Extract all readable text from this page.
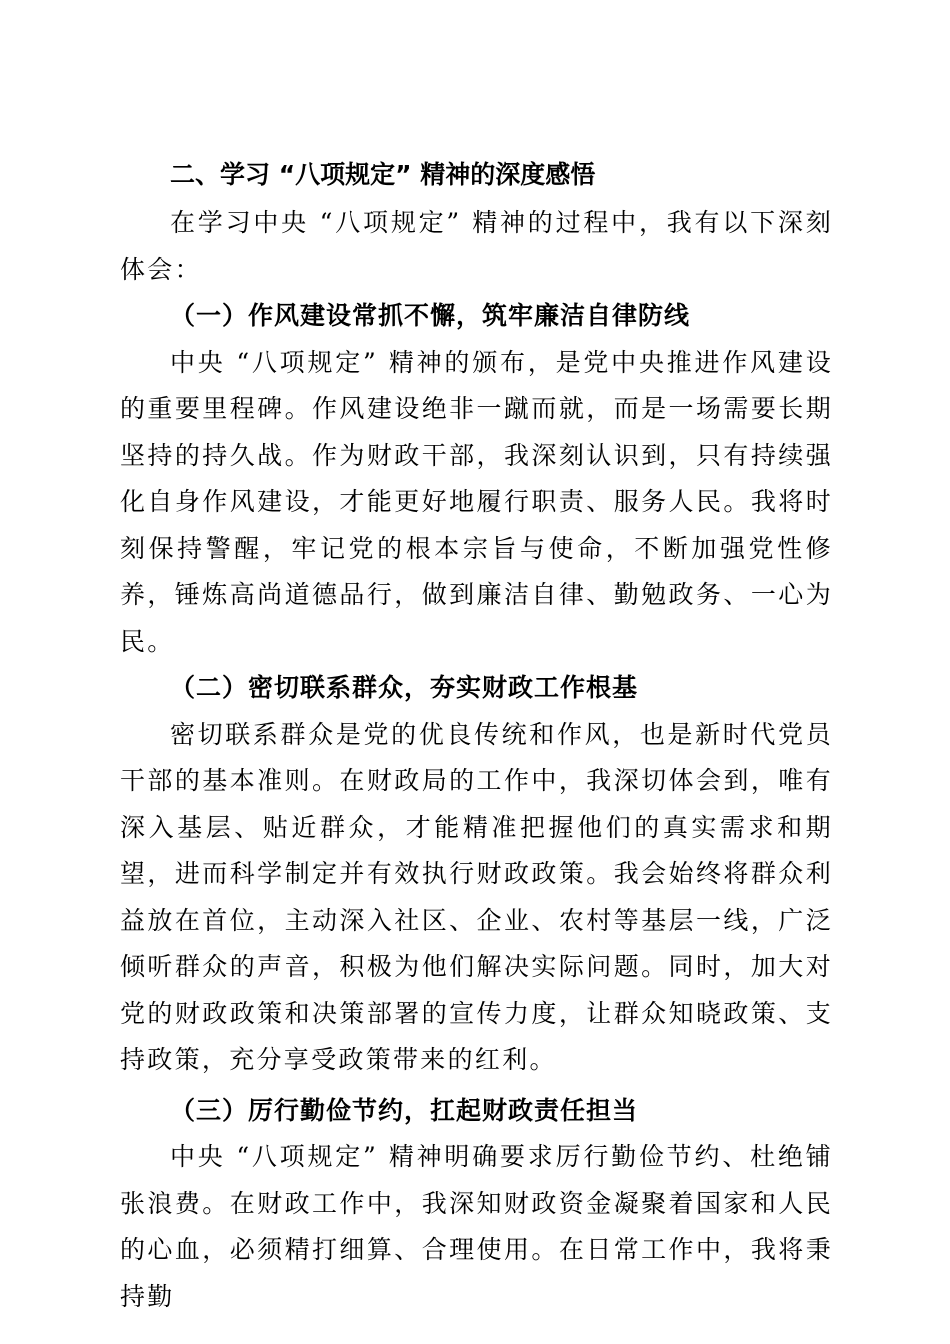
二、学习 “八项规定” 精神的深度感悟

在学习中央 “八项规定” 精神的过程中，我有以下深刻体会：

（一）作风建设常抓不懈，筑牢廉洁自律防线

中央 “八项规定” 精神的颁布，是党中央推进作风建设的重要里程碑。作风建设绝非一蹴而就，而是一场需要长期坚持的持久战。作为财政干部，我深刻认识到，只有持续强化自身作风建设，才能更好地履行职责、服务人民。我将时刻保持警醒，牢记党的根本宗旨与使命，不断加强党性修养，锤炼高尚道德品行，做到廉洁自律、勤勉政务、一心为民。

（二）密切联系群众，夯实财政工作根基

密切联系群众是党的优良传统和作风，也是新时代党员干部的基本准则。在财政局的工作中，我深切体会到，唯有深入基层、贴近群众，才能精准把握他们的真实需求和期望，进而科学制定并有效执行财政政策。我会始终将群众利益放在首位，主动深入社区、企业、农村等基层一线，广泛倾听群众的声音，积极为他们解决实际问题。同时，加大对党的财政政策和决策部署的宣传力度，让群众知晓政策、支持政策，充分享受政策带来的红利。

（三）厉行勤俭节约，扛起财政责任担当

中央 “八项规定” 精神明确要求厉行勤俭节约、杜绝铺张浪费。在财政工作中，我深知财政资金凝聚着国家和人民的心血，必须精打细算、合理使用。在日常工作中，我将秉持勤
